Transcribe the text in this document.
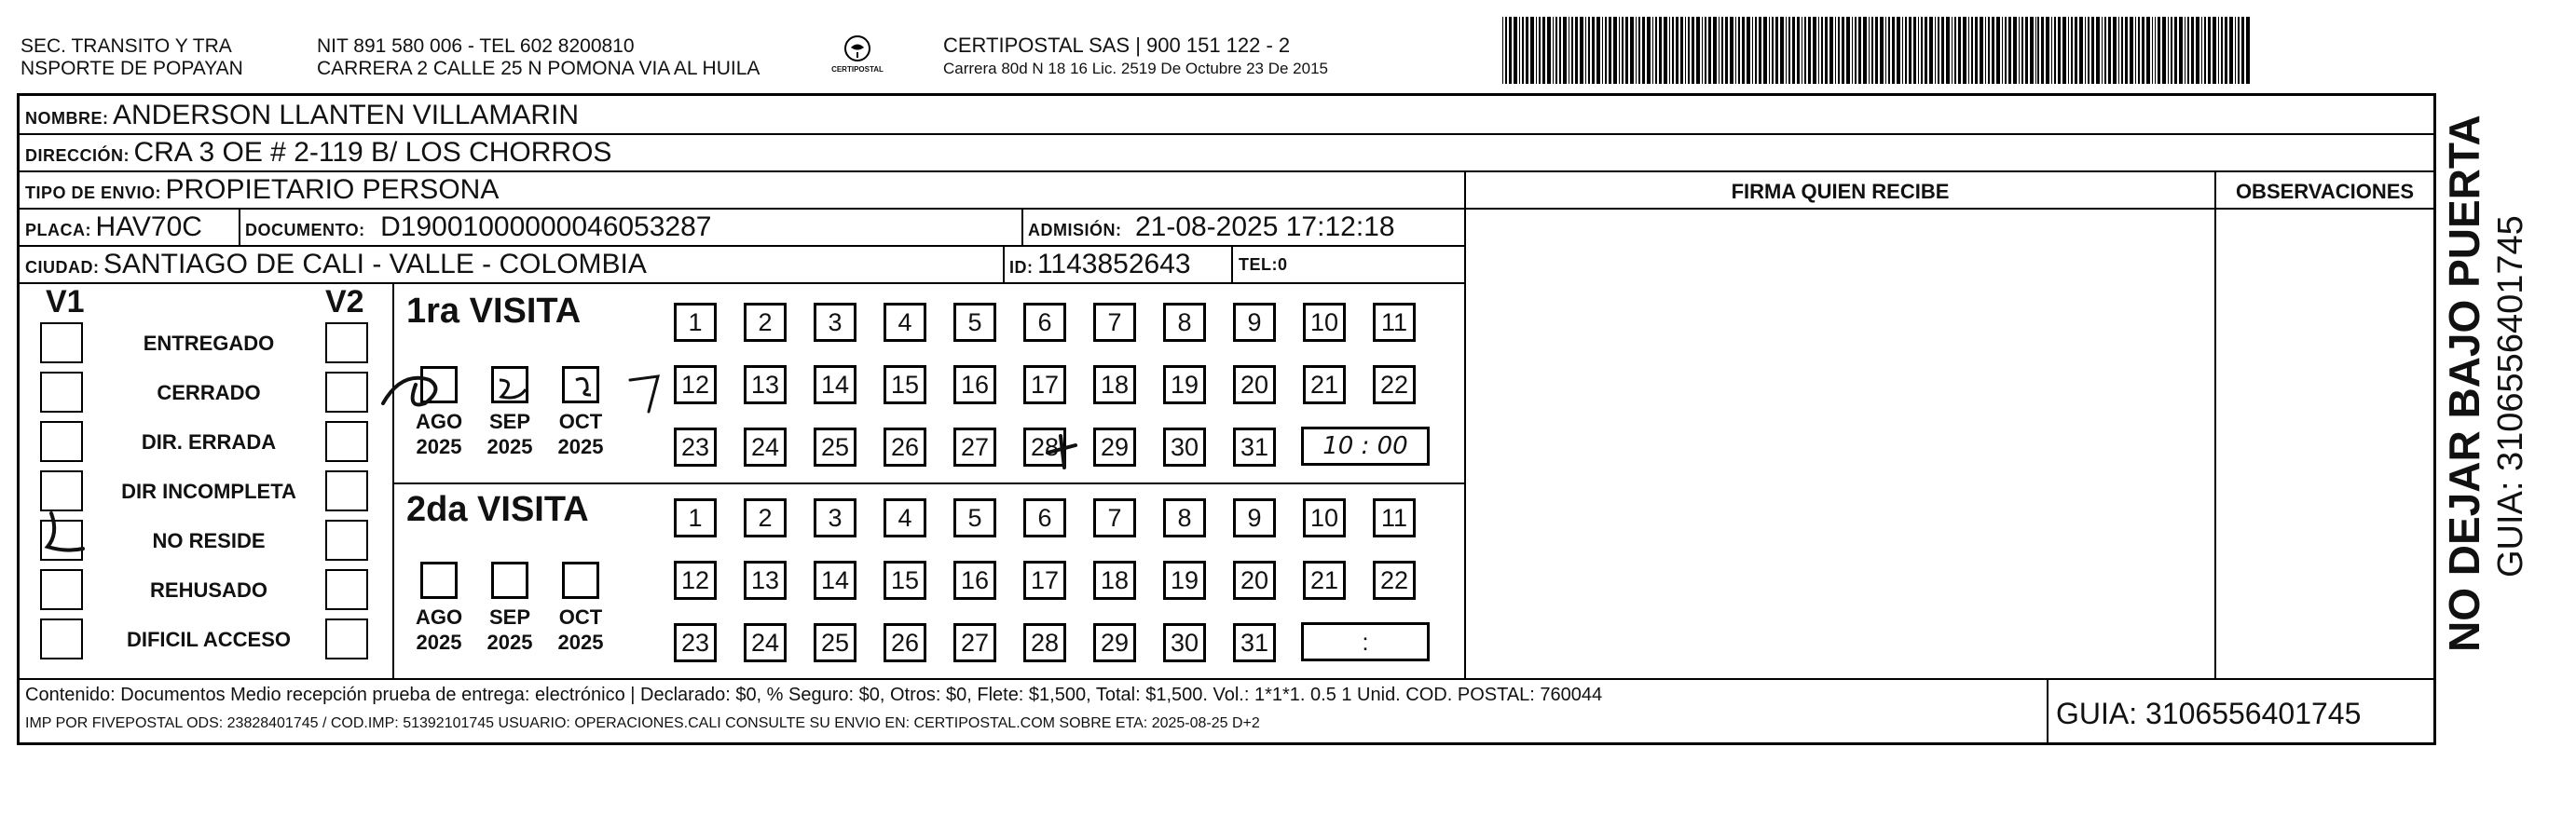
SEC. TRANSITO Y TRA
NSPORTE DE POPAYAN
NIT 891 580 006 - TEL 602 8200810
CARRERA 2 CALLE 25 N POMONA VIA AL HUILA	CERTIPOSTAL
CERTIPOSTAL SAS | 900 151 122 - 2
Carrera 80d N 18 16 Lic. 2519 De Octubre 23 De 2015
NOMBRE: ANDERSON LLANTEN VILLAMARIN
DIRECCIÓN: CRA 3 OE # 2-119 B/ LOS CHORROS
TIPO DE ENVIO: PROPIETARIO PERSONA	FIRMA QUIEN RECIBE	OBSERVACIONES
PLACA: HAV70C	DOCUMENTO: D19001000000046053287	ADMISIÓN: 21-08-2025 17:12:18
CIUDAD: SANTIAGO DE CALI - VALLE - COLOMBIA	ID: 1143852643	TEL:0
V1	V2
ENTREGADO
CERRADO
DIR. ERRADA
DIR INCOMPLETA
NO RESIDE
REHUSADO
DIFICIL ACCESO
1ra VISITA
AGO
2025
SEP
2025
OCT
2025
1	2	3	4	5	6	7	8	9	10	11
12 13 14 15 16 17 18 19 20 21 22
23 24 25 26 27 28 29 30 31	10 : 00
2da VISITA
AGO
2025
SEP
2025
OCT
2025
1	2	3	4	5	6	7	8	9	10	11
12 13 14 15 16 17 18 19 20 21 22
23 24 25 26 27 28 29 30 31	:
Contenido: Documentos Medio recepción prueba de entrega: electrónico | Declarado: $0, % Seguro: $0, Otros: $0, Flete: $1,500, Total: $1,500. Vol.: 1*1*1. 0.5 1 Unid. COD. POSTAL: 760044
IMP POR FIVEPOSTAL ODS: 23828401745 / COD.IMP: 51392101745 USUARIO: OPERACIONES.CALI CONSULTE SU ENVIO EN: CERTIPOSTAL.COM SOBRE ETA: 2025-08-25 D+2	GUIA: 3106556401745
NO DEJAR BAJO PUERTA GUIA: 3106556401745
